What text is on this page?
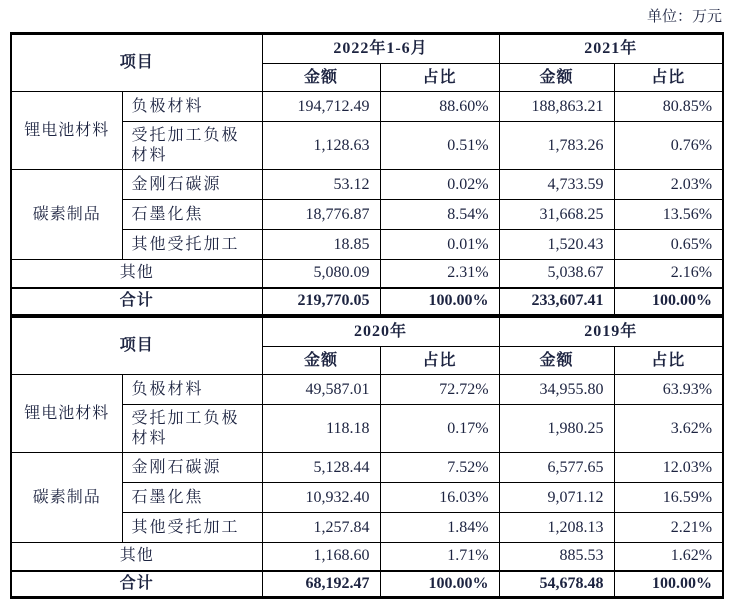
单位：万元
项目		2022年1-6月		2021年	
		金额	占比	金额	占比
锂电池材料	负极材料	194,712.49	88.60%	188,863.21	80.85%
	受托加工负极材料	1,128.63	0.51%	1,783.26	0.76%
碳素制品	金刚石碳源	53.12	0.02%	4,733.59	2.03%
	石墨化焦	18,776.87	8.54%	31,668.25	13.56%
	其他受托加工	18.85	0.01%	1,520.43	0.65%
其他		5,080.09	2.31%	5,038.67	2.16%
合计		219,770.05	100.00%	233,607.41	100.00%
项目		2020年		2019年	
		金额	占比	金额	占比
锂电池材料	负极材料	49,587.01	72.72%	34,955.80	63.93%
	受托加工负极材料	118.18	0.17%	1,980.25	3.62%
碳素制品	金刚石碳源	5,128.44	7.52%	6,577.65	12.03%
	石墨化焦	10,932.40	16.03%	9,071.12	16.59%
	其他受托加工	1,257.84	1.84%	1,208.13	2.21%
其他		1,168.60	1.71%	885.53	1.62%
合计		68,192.47	100.00%	54,678.48	100.00%
